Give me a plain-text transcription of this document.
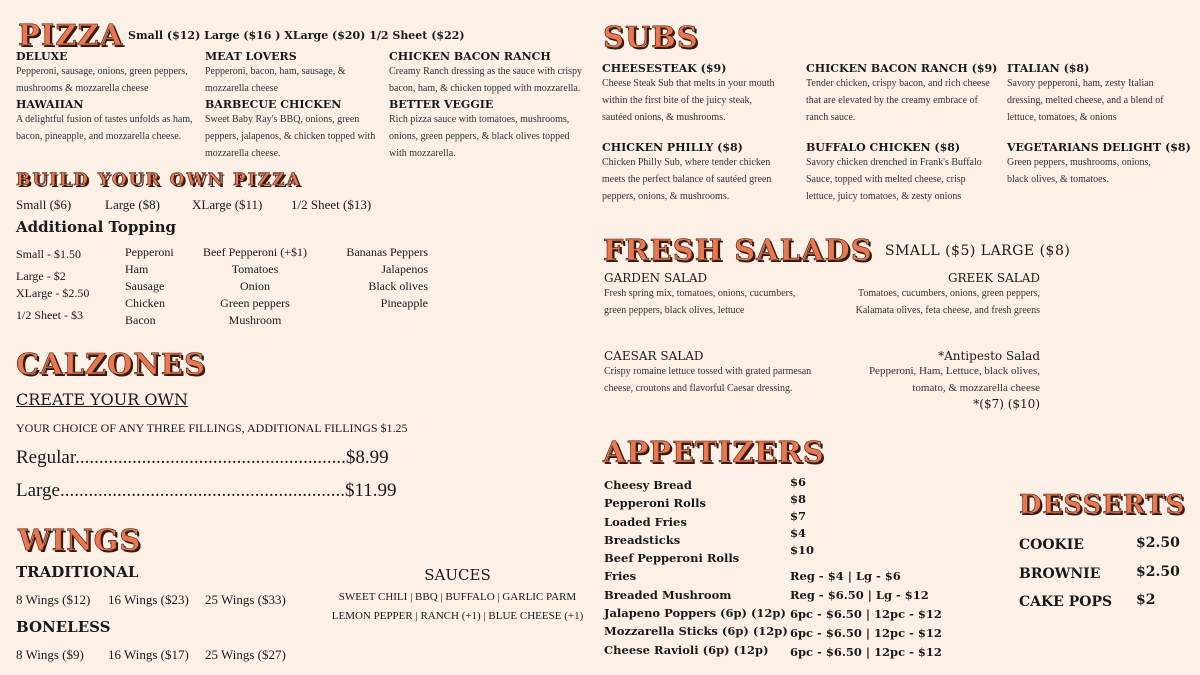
PIZZA Small ($12) Large ($16 ) XLarge ($20) 1/2 Sheet ($22)
DELUXE
Pepperoni, sausage, onions, green peppers, mushrooms & mozzarella cheese
MEAT LOVERS
Pepperoni, bacon, ham, sausage, & mozzarella cheese
CHICKEN BACON RANCH
Creamy Ranch dressing as the sauce with crispy bacon, ham, & chicken topped with mozzarella.
HAWAIIAN
A delightful fusion of tastes unfolds as ham, bacon, pineapple, and mozzarella cheese.
BARBECUE CHICKEN
Sweet Baby Ray's BBQ, onions, green peppers, jalapenos, & chicken topped with mozzarella cheese.
BETTER VEGGIE
Rich pizza sauce with tomatoes, mushrooms, onions, green peppers, & black olives topped with mozzarella.
BUILD YOUR OWN PIZZA
Small ($6)	Large ($8) XLarge ($11) 1/2 Sheet ($13)
Additional Topping
Small - $1.50
Large - $2
XLarge - $2.50
1/2 Sheet - $3
Pepperoni
Ham
Sausage
Chicken
Bacon
Beef Pepperoni (+$1)
Tomatoes
Onion
Green peppers
Mushroom
Bananas Peppers
Jalapenos
Black olives
Pineapple
CALZONES
CREATE YOUR OWN
YOUR CHOICE OF ANY THREE FILLINGS, ADDITIONAL FILLINGS $1.25
Regular.........................................................$8.99
Large............................................................$11.99
WINGS
TRADITIONAL
8 Wings ($12) 16 Wings ($23) 25 Wings ($33)
BONELESS
8 Wings ($9) 16 Wings ($17) 25 Wings ($27)
SAUCES
SWEET CHILI | BBQ | BUFFALO | GARLIC PARM
LEMON PEPPER | RANCH (+1) | BLUE CHEESE (+1)
SUBS
CHEESESTEAK ($9)
Cheese Steak Sub that melts in your mouth within the first bite of the juicy steak, sautéed onions, & mushrooms.
CHICKEN BACON RANCH ($9)
Tender chicken, crispy bacon, and rich cheese that are elevated by the creamy embrace of ranch sauce.
ITALIAN ($8)
Savory pepperoni, ham, zesty Italian dressing, melted cheese, and a blend of lettuce, tomatoes, & onions
CHICKEN PHILLY ($8)
Chicken Philly Sub, where tender chicken meets the perfect balance of sautéed green peppers, onions, & mushrooms.
BUFFALO CHICKEN ($8)
Savory chicken drenched in Frank's Buffalo Sauce, topped with melted cheese, crisp lettuce, juicy tomatoes, & zesty onions
VEGETARIANS DELIGHT ($8)
Green peppers, mushrooms, onions, black olives, & tomatoes.
FRESH SALADS SMALL ($5) LARGE ($8)
GARDEN SALAD
Fresh spring mix, tomatoes, onions, cucumbers, green peppers, black olives, lettuce
GREEK SALAD
Tomatoes, cucumbers, onions, green peppers, Kalamata olives, feta cheese, and fresh greens
CAESAR SALAD
Crispy romaine lettuce tossed with grated parmesan cheese, croutons and flavorful Caesar dressing.
*Antipesto Salad
Pepperoni, Ham, Lettuce, black olives, tomato, & mozzarella cheese
*($7) ($10)
APPETIZERS
Cheesy Bread
Pepperoni Rolls
Loaded Fries
Breadsticks
Beef Pepperoni Rolls
Fries
Breaded Mushroom
Jalapeno Poppers (6p) (12p)
Mozzarella Sticks (6p) (12p)
Cheese Ravioli (6p) (12p)
$6
$8
$7
$4
$10
Reg - $4 | Lg - $6
Reg - $6.50 | Lg - $12
6pc - $6.50 | 12pc - $12
6pc - $6.50 | 12pc - $12
6pc - $6.50 | 12pc - $12
DESSERTS
COOKIE
BROWNIE
CAKE POPS
$2.50
$2.50
$2
